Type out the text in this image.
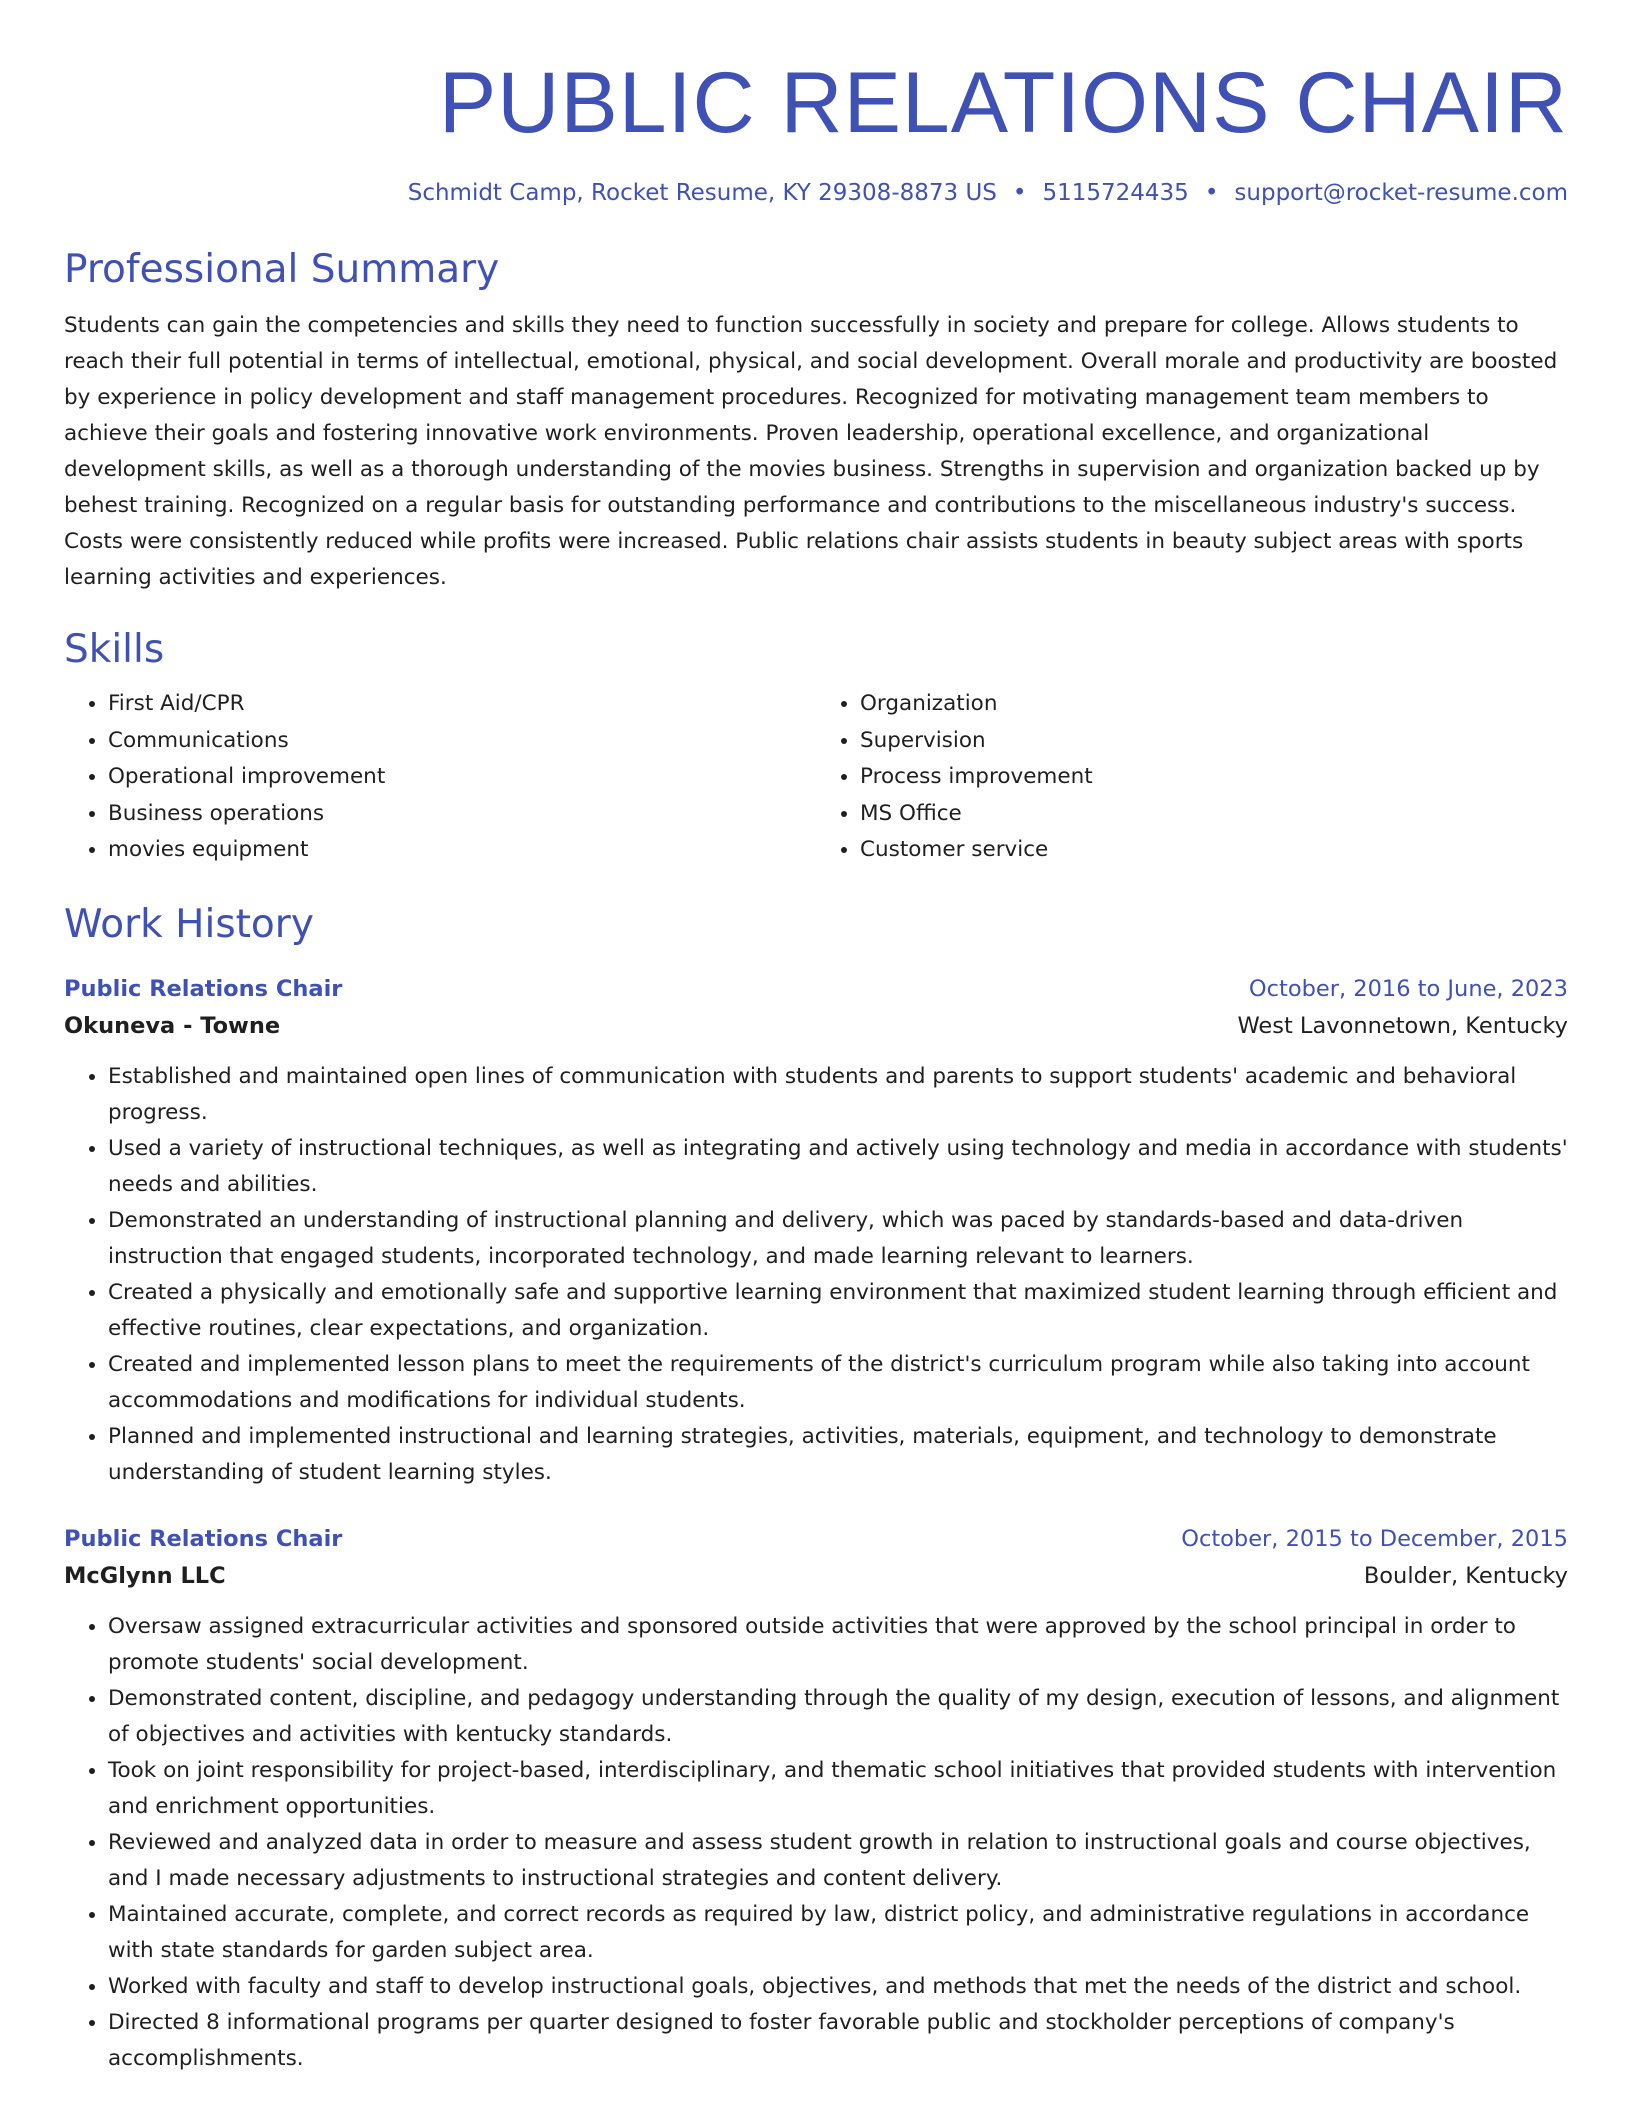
PUBLIC RELATIONS CHAIR
Schmidt Camp, Rocket Resume, KY 29308-8873 US • 5115724435 • support@rocket-resume.com
Professional Summary
Students can gain the competencies and skills they need to function successfully in society and prepare for college. Allows students to reach their full potential in terms of intellectual, emotional, physical, and social development. Overall morale and productivity are boosted by experience in policy development and staff management procedures. Recognized for motivating management team members to achieve their goals and fostering innovative work environments. Proven leadership, operational excellence, and organizational development skills, as well as a thorough understanding of the movies business. Strengths in supervision and organization backed up by behest training. Recognized on a regular basis for outstanding performance and contributions to the miscellaneous industry's success. Costs were consistently reduced while profits were increased. Public relations chair assists students in beauty subject areas with sports learning activities and experiences.
Skills
• First Aid/CPR
• Communications
• Operational improvement
• Business operations
• movies equipment
• Organization
• Supervision
• Process improvement
• MS Office
• Customer service
Work History
Public Relations Chair	October, 2016 to June, 2023
Okuneva - Towne	West Lavonnetown, Kentucky
• Established and maintained open lines of communication with students and parents to support students' academic and behavioral progress.
• Used a variety of instructional techniques, as well as integrating and actively using technology and media in accordance with students' needs and abilities.
• Demonstrated an understanding of instructional planning and delivery, which was paced by standards-based and data-driven instruction that engaged students, incorporated technology, and made learning relevant to learners.
• Created a physically and emotionally safe and supportive learning environment that maximized student learning through efficient and effective routines, clear expectations, and organization.
• Created and implemented lesson plans to meet the requirements of the district's curriculum program while also taking into account accommodations and modifications for individual students.
• Planned and implemented instructional and learning strategies, activities, materials, equipment, and technology to demonstrate understanding of student learning styles.
Public Relations Chair	October, 2015 to December, 2015
McGlynn LLC	Boulder, Kentucky
• Oversaw assigned extracurricular activities and sponsored outside activities that were approved by the school principal in order to promote students' social development.
• Demonstrated content, discipline, and pedagogy understanding through the quality of my design, execution of lessons, and alignment of objectives and activities with kentucky standards.
• Took on joint responsibility for project-based, interdisciplinary, and thematic school initiatives that provided students with intervention and enrichment opportunities.
• Reviewed and analyzed data in order to measure and assess student growth in relation to instructional goals and course objectives, and I made necessary adjustments to instructional strategies and content delivery.
• Maintained accurate, complete, and correct records as required by law, district policy, and administrative regulations in accordance with state standards for garden subject area.
• Worked with faculty and staff to develop instructional goals, objectives, and methods that met the needs of the district and school.
• Directed 8 informational programs per quarter designed to foster favorable public and stockholder perceptions of company's accomplishments.
